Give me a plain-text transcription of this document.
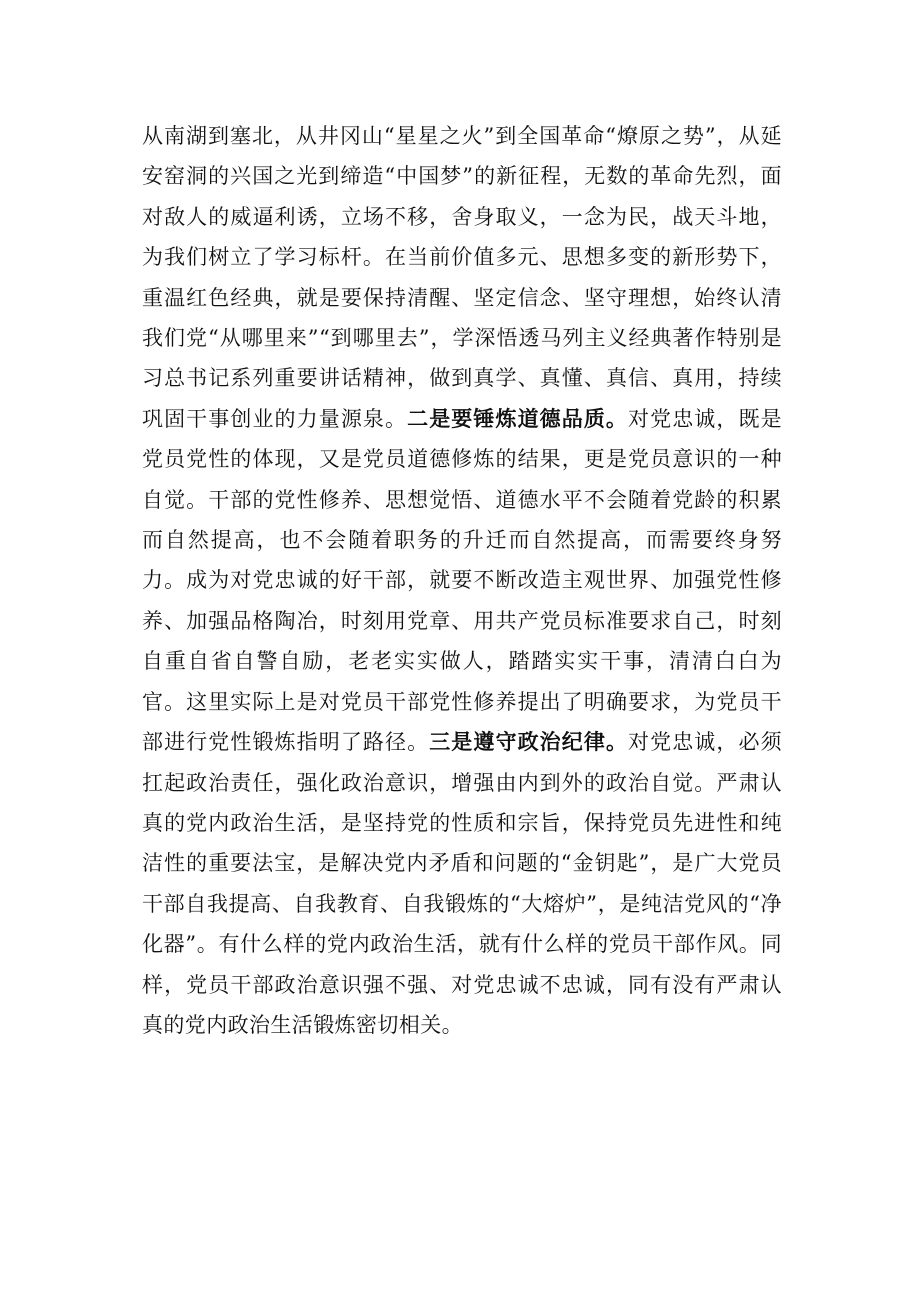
从南湖到塞北，从井冈山“星星之火”到全国革命“燎原之势”，从延安窑洞的兴国之光到缔造“中国梦”的新征程，无数的革命先烈，面对敌人的威逼利诱，立场不移，舍身取义，一念为民，战天斗地，为我们树立了学习标杆。在当前价值多元、思想多变的新形势下，重温红色经典，就是要保持清醒、坚定信念、坚守理想，始终认清我们党“从哪里来”“到哪里去”，学深悟透马列主义经典著作特别是习总书记系列重要讲话精神，做到真学、真懂、真信、真用，持续巩固干事创业的力量源泉。二是要锤炼道德品质。对党忠诚，既是党员党性的体现，又是党员道德修炼的结果，更是党员意识的一种自觉。干部的党性修养、思想觉悟、道德水平不会随着党龄的积累而自然提高，也不会随着职务的升迁而自然提高，而需要终身努力。成为对党忠诚的好干部，就要不断改造主观世界、加强党性修养、加强品格陶冶，时刻用党章、用共产党员标准要求自己，时刻自重自省自警自励，老老实实做人，踏踏实实干事，清清白白为官。这里实际上是对党员干部党性修养提出了明确要求，为党员干部进行党性锻炼指明了路径。三是遵守政治纪律。对党忠诚，必须扛起政治责任，强化政治意识，增强由内到外的政治自觉。严肃认真的党内政治生活，是坚持党的性质和宗旨，保持党员先进性和纯洁性的重要法宝，是解决党内矛盾和问题的“金钥匙”，是广大党员干部自我提高、自我教育、自我锻炼的“大熔炉”，是纯洁党风的“净化器”。有什么样的党内政治生活，就有什么样的党员干部作风。同样，党员干部政治意识强不强、对党忠诚不忠诚，同有没有严肃认真的党内政治生活锻炼密切相关。
